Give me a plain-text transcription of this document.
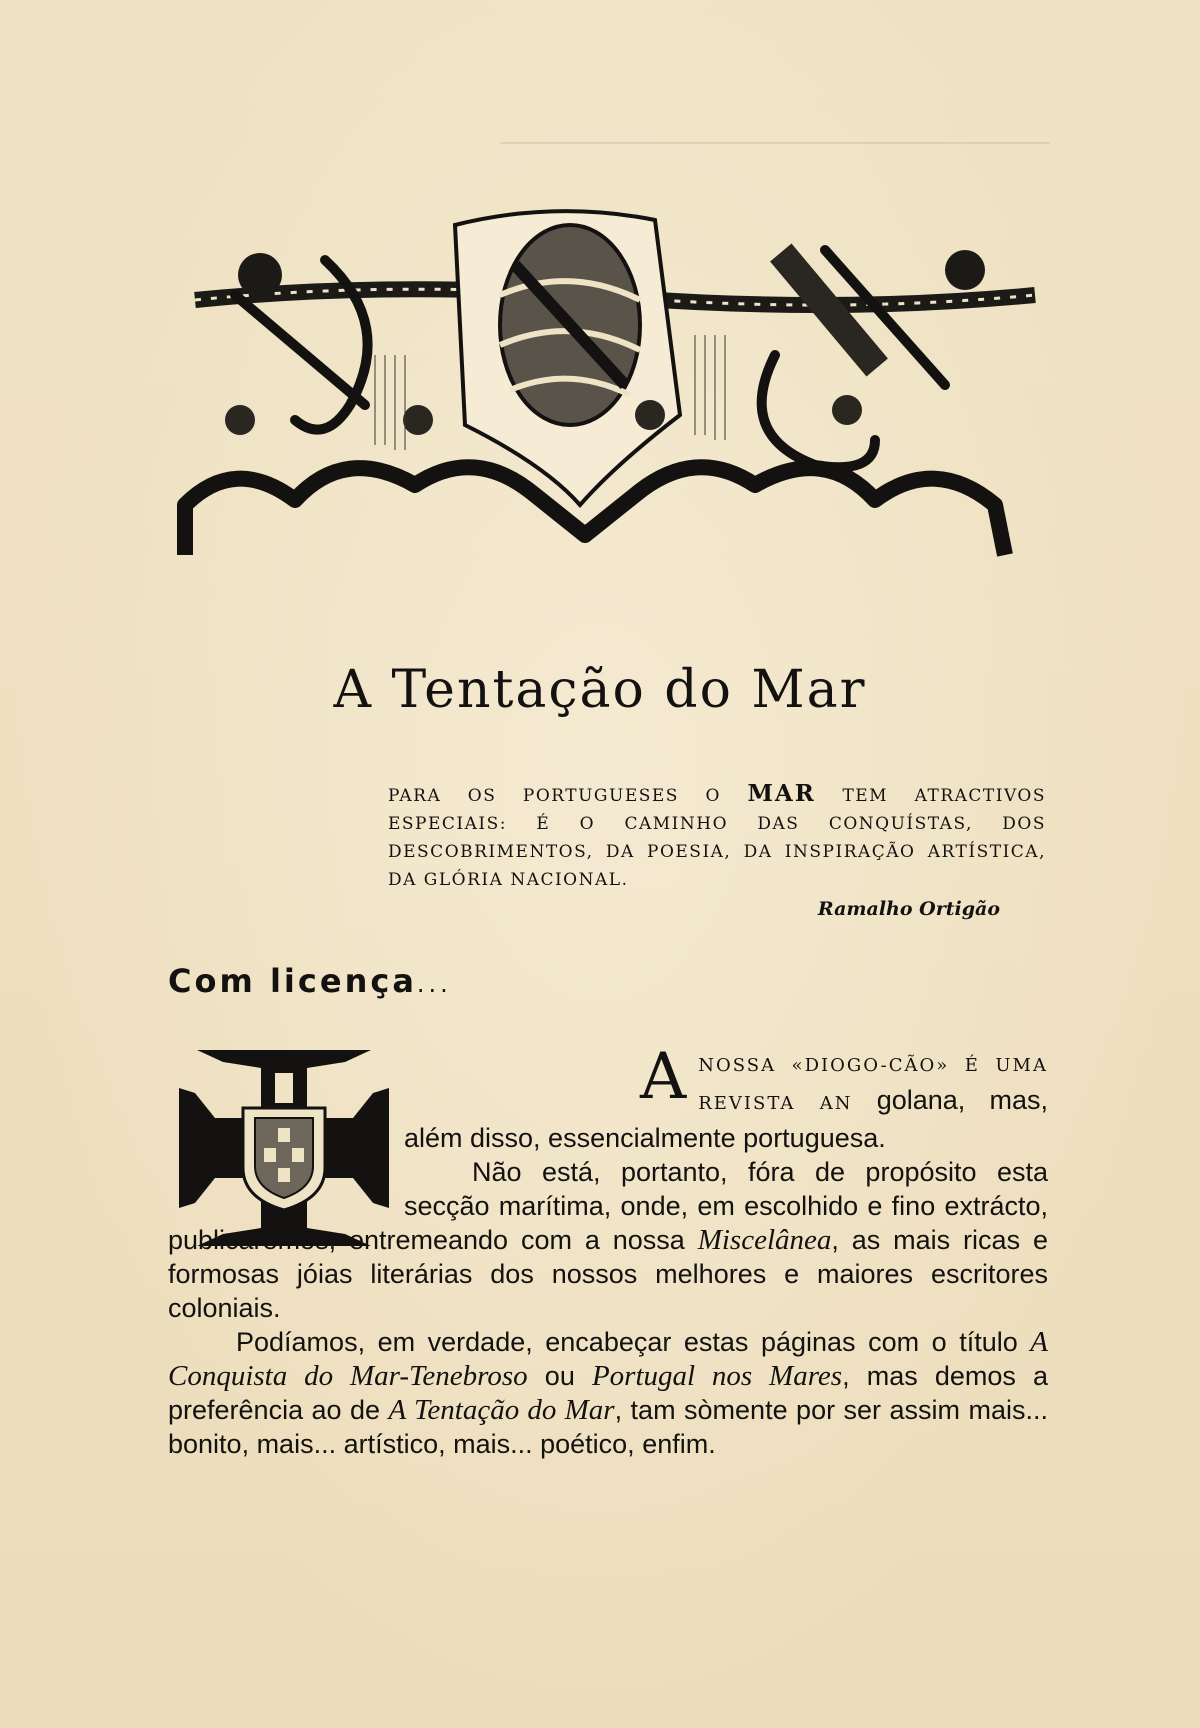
A Tentação do Mar

PARA OS PORTUGUESES O MAR TEM ATRACTIVOS ESPECIAIS: É O CAMINHO DAS CONQUÍSTAS, DOS DESCOBRIMENTOS, DA POESIA, DA INSPIRAÇÃO ARTÍSTICA, DA GLÓRIA NACIONAL.

Ramalho Ortigão
Com licença...

ANOSSA «DIOGO-CÃO» É UMA REVISTA AN golana, mas, além disso, essencialmente portuguesa.

Não está, portanto, fóra de propósito esta secção marítima, onde, em escolhido e fino extrácto, publicaremos, entremeando com a nossa Miscelânea, as mais ricas e formosas jóias literárias dos nossos melhores e maiores escritores coloniais.

Podíamos, em verdade, encabeçar estas páginas com o título A Conquista do Mar-Tenebroso ou Portugal nos Mares, mas demos a preferência ao de A Tentação do Mar, tam sòmente por ser assim mais... bonito, mais... artístico, mais... poético, enfim.
